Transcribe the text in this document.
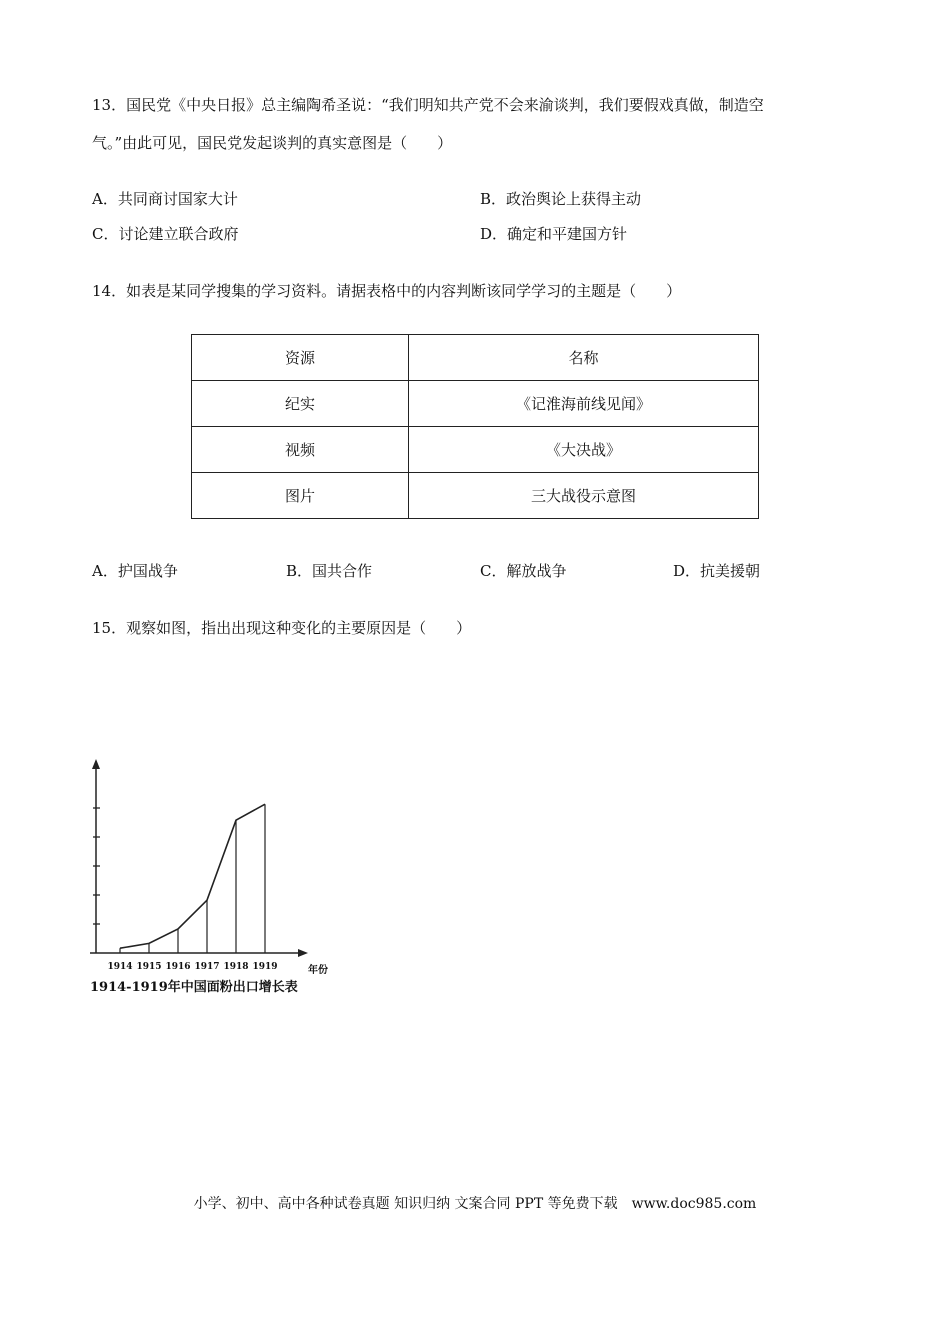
13．国民党《中央日报》总主编陶希圣说：“我们明知共产党不会来渝谈判，我们要假戏真做，制造空
气。”由此可见，国民党发起谈判的真实意图是（　　）
A．共同商讨国家大计	B．政治舆论上获得主动
C．讨论建立联合政府	D．确定和平建国方针
14．如表是某同学搜集的学习资料。请据表格中的内容判断该同学学习的主题是（　　）
资源	名称
纪实	《记淮海前线见闻》
视频	《大决战》
图片	三大战役示意图
A．护国战争	B．国共合作	C．解放战争	D．抗美援朝
15．观察如图，指出出现这种变化的主要原因是（　　）
1914 1915 1916 1917 1918 1919	年份
1914-1919年中国面粉出口增长表
小学、初中、高中各种试卷真题 知识归纳 文案合同 PPT 等免费下载　www.doc985.com
